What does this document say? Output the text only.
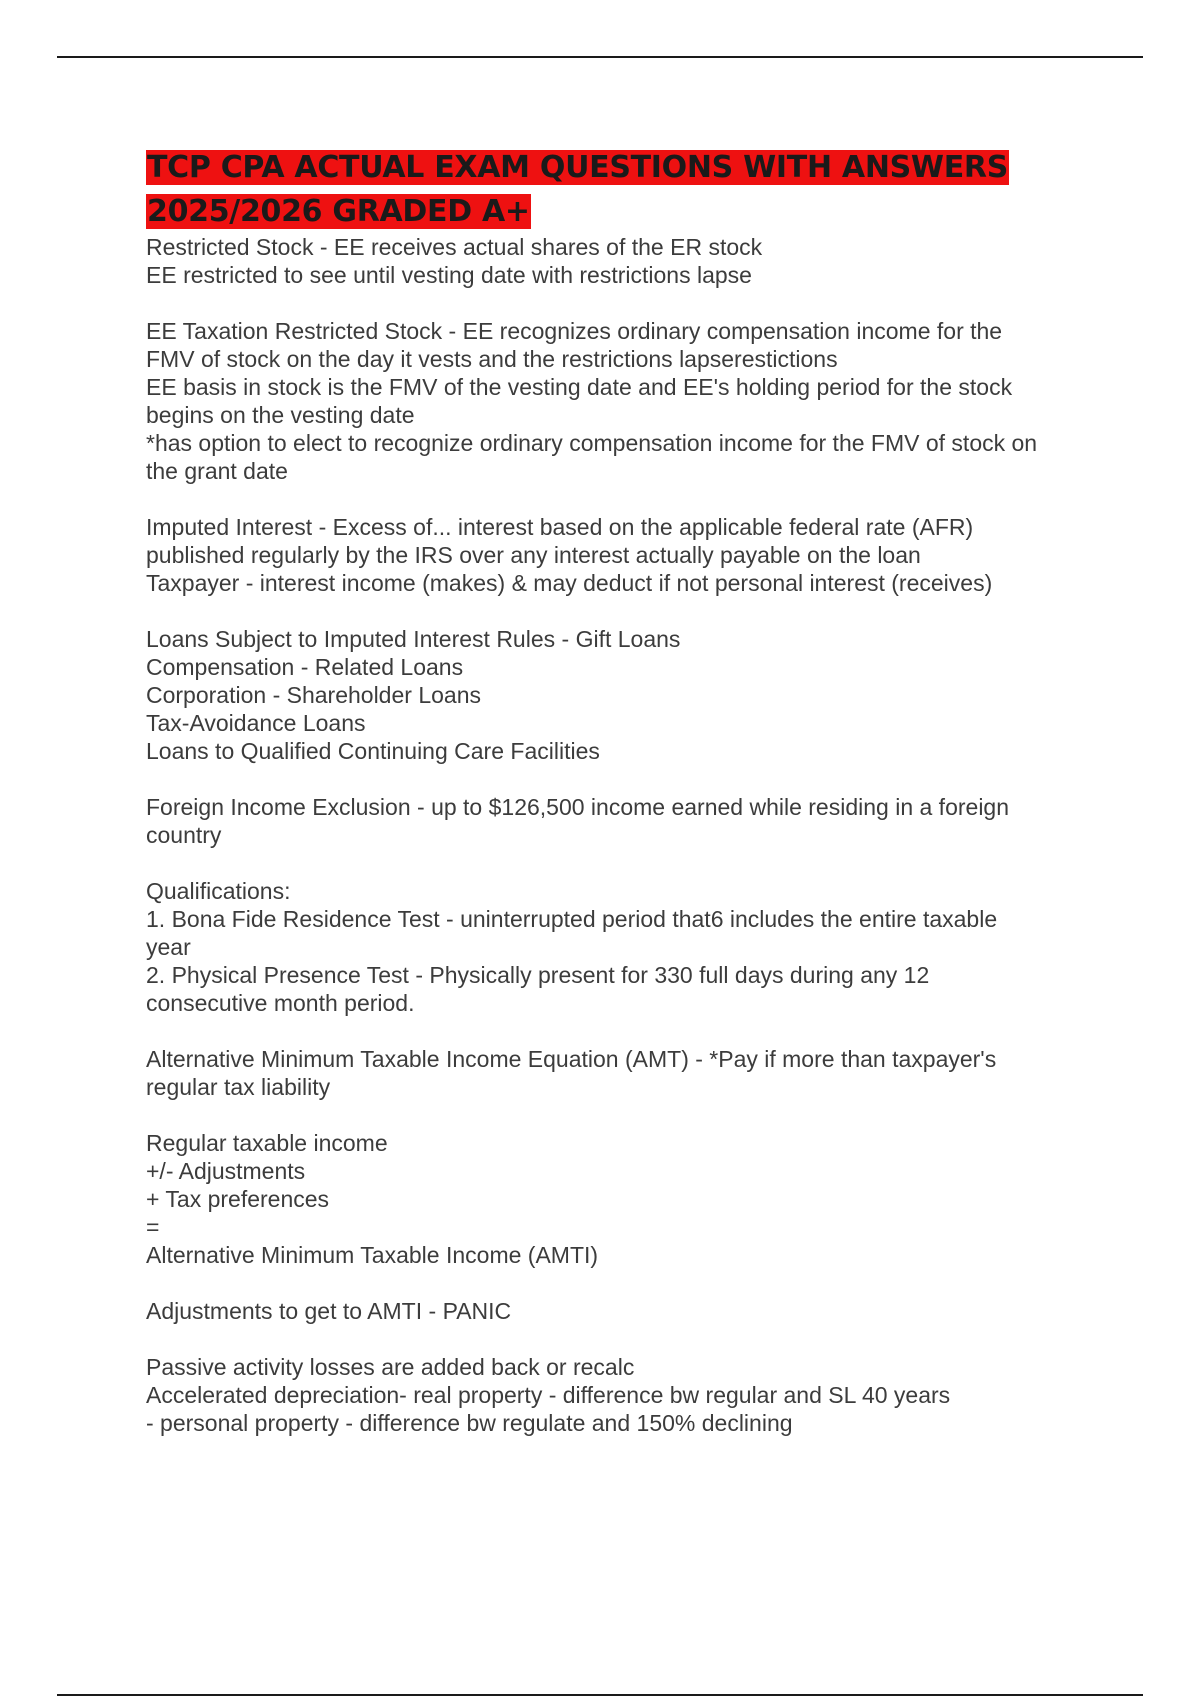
TCP CPA ACTUAL EXAM QUESTIONS WITH ANSWERS
2025/2026 GRADED A+
Restricted Stock - EE receives actual shares of the ER stock
EE restricted to see until vesting date with restrictions lapse
EE Taxation Restricted Stock - EE recognizes ordinary compensation income for the
FMV of stock on the day it vests and the restrictions lapserestictions
EE basis in stock is the FMV of the vesting date and EE's holding period for the stock
begins on the vesting date
*has option to elect to recognize ordinary compensation income for the FMV of stock on
the grant date
Imputed Interest - Excess of... interest based on the applicable federal rate (AFR)
published regularly by the IRS over any interest actually payable on the loan
Taxpayer - interest income (makes) & may deduct if not personal interest (receives)
Loans Subject to Imputed Interest Rules - Gift Loans
Compensation - Related Loans
Corporation - Shareholder Loans
Tax-Avoidance Loans
Loans to Qualified Continuing Care Facilities
Foreign Income Exclusion - up to $126,500 income earned while residing in a foreign
country
Qualifications:
1. Bona Fide Residence Test - uninterrupted period that6 includes the entire taxable
year
2. Physical Presence Test - Physically present for 330 full days during any 12
consecutive month period.
Alternative Minimum Taxable Income Equation (AMT) - *Pay if more than taxpayer's
regular tax liability
Regular taxable income
+/- Adjustments
+ Tax preferences
=
Alternative Minimum Taxable Income (AMTI)
Adjustments to get to AMTI - PANIC
Passive activity losses are added back or recalc
Accelerated depreciation- real property - difference bw regular and SL 40 years
- personal property - difference bw regulate and 150% declining
